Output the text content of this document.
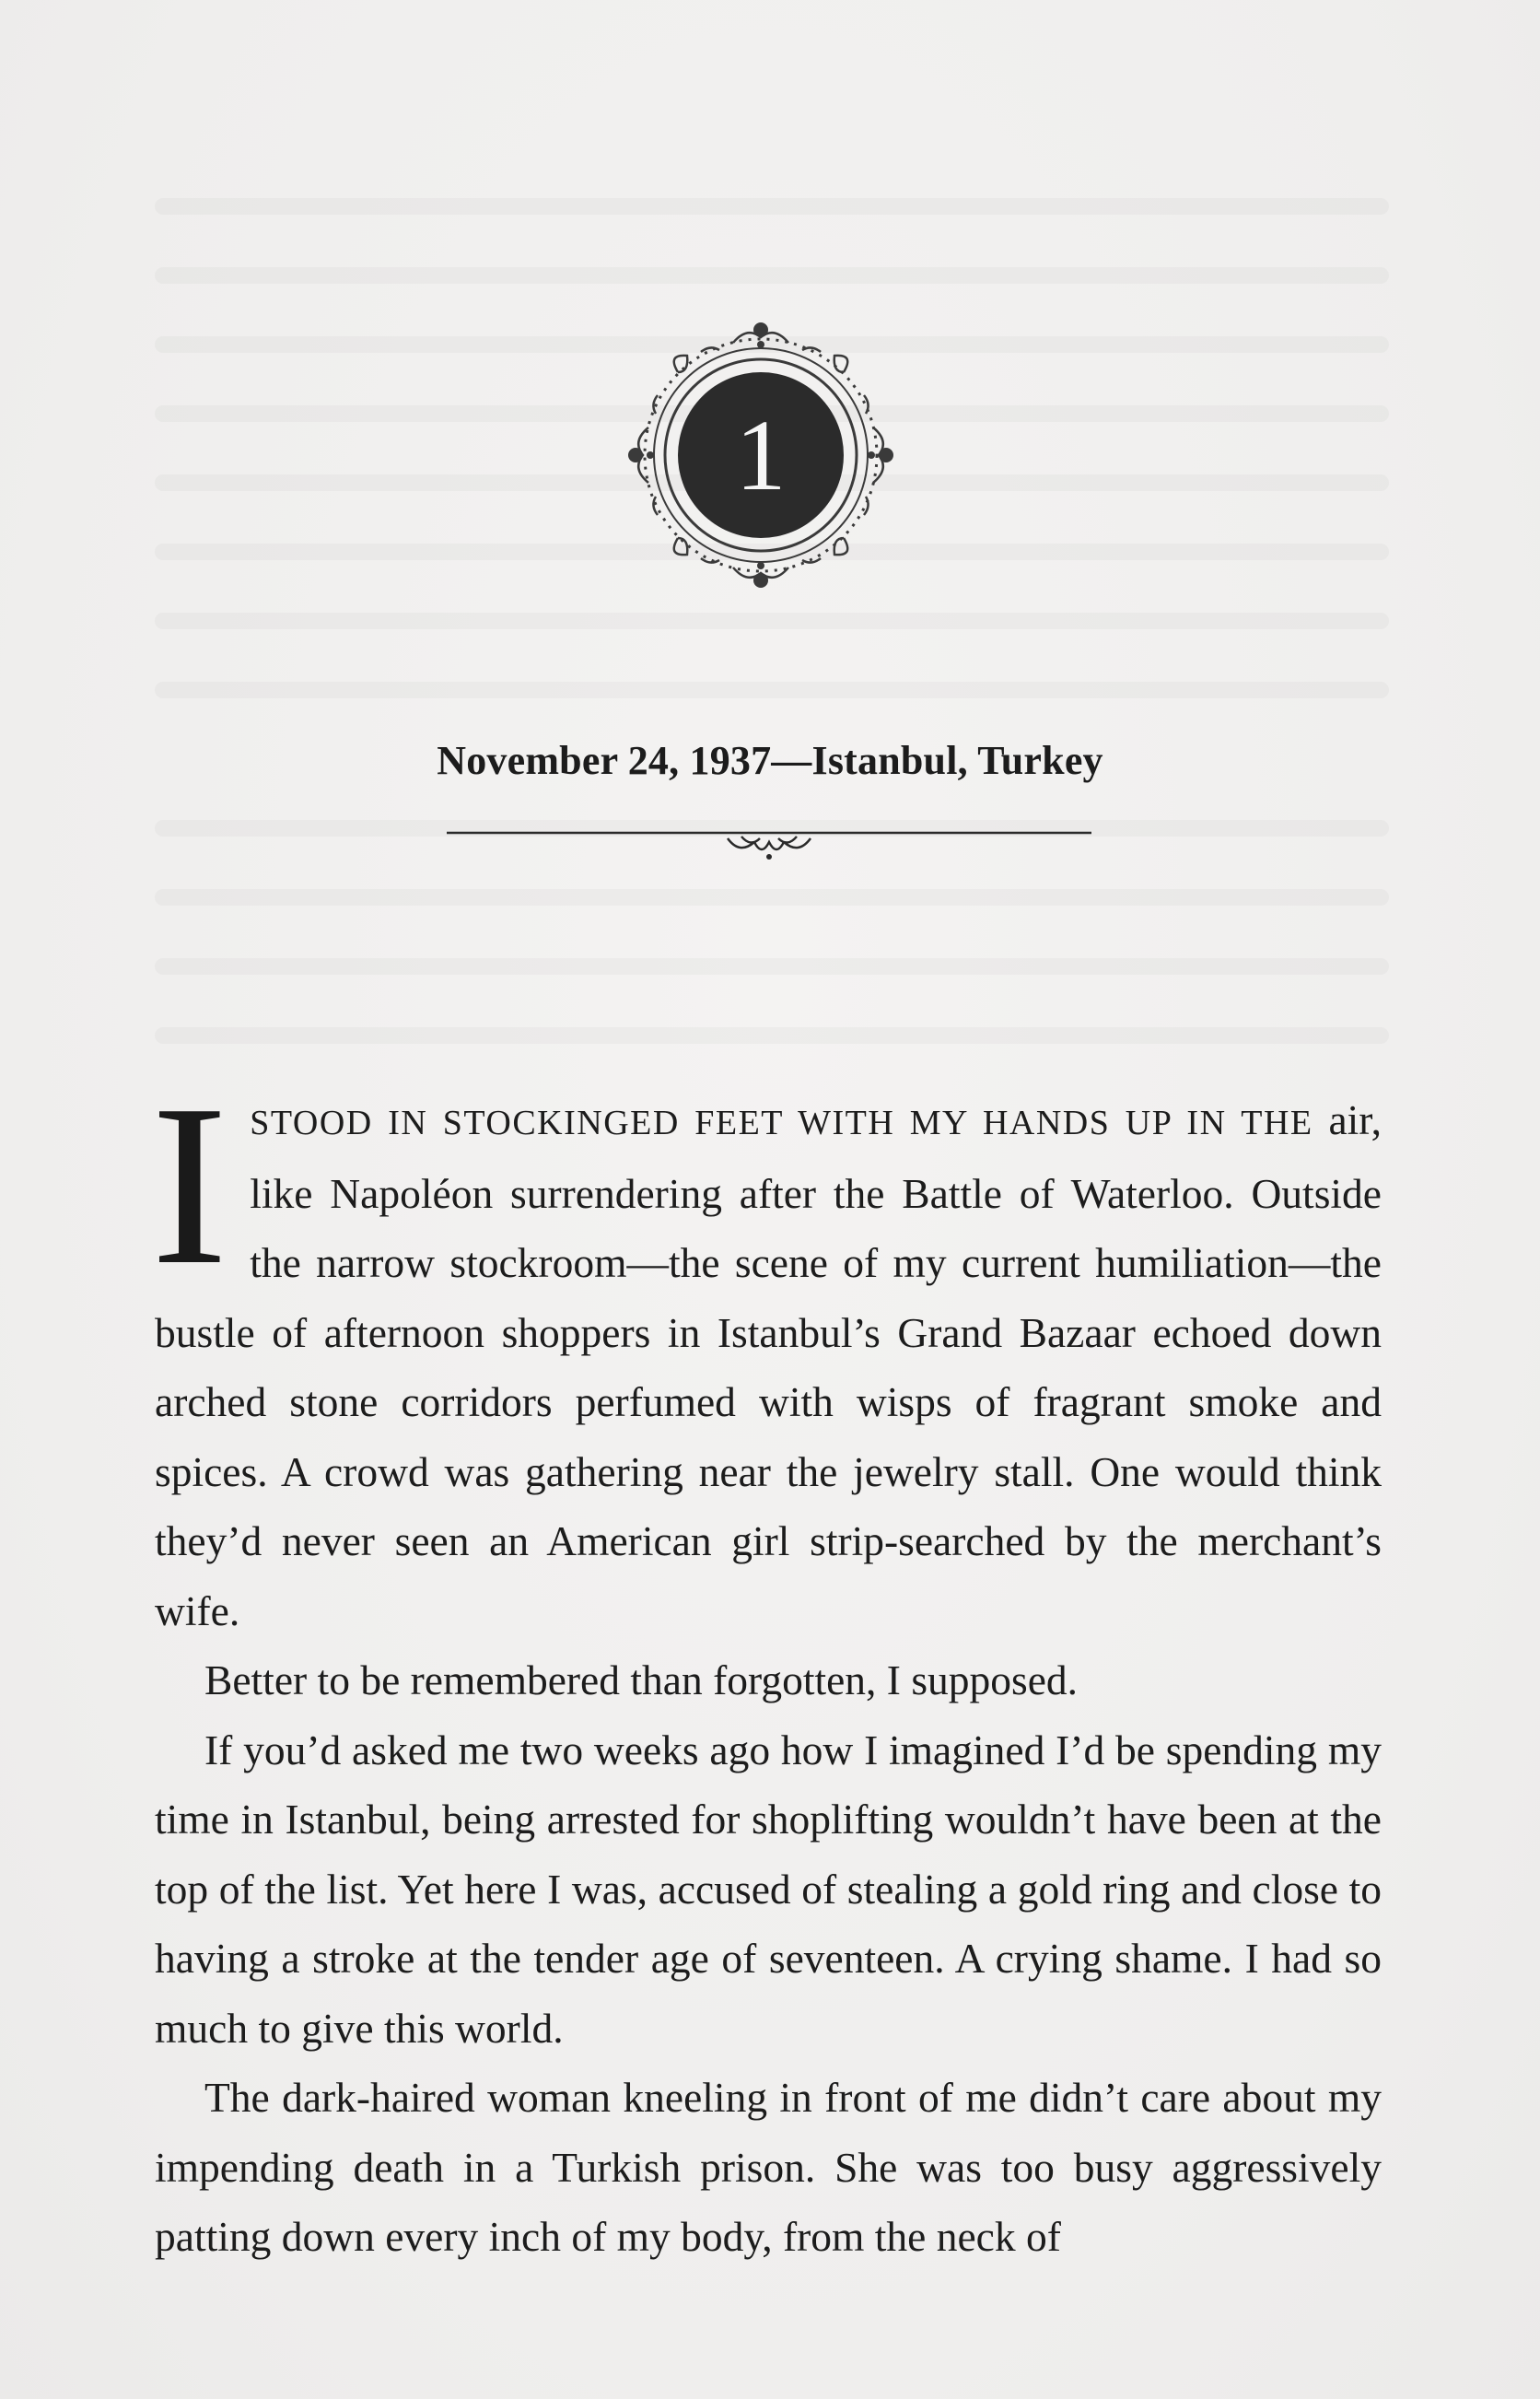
1
November 24, 1937—Istanbul, Turkey

ISTOOD IN STOCKINGED FEET WITH MY HANDS UP IN THE air, like Napoléon surrendering after the Battle of Waterloo. Outside the narrow stockroom—the scene of my current humiliation—the bustle of afternoon shoppers in Istanbul’s Grand Bazaar echoed down arched stone corridors perfumed with wisps of fragrant smoke and spices. A crowd was gathering near the jewelry stall. One would think they’d never seen an American girl strip-searched by the merchant’s wife.

Better to be remembered than forgotten, I supposed.

If you’d asked me two weeks ago how I imagined I’d be spending my time in Istanbul, being arrested for shoplifting wouldn’t have been at the top of the list. Yet here I was, accused of stealing a gold ring and close to having a stroke at the tender age of seventeen. A crying shame. I had so much to give this world.

The dark-haired woman kneeling in front of me didn’t care about my impending death in a Turkish prison. She was too busy aggressively patting down every inch of my body, from the neck of
